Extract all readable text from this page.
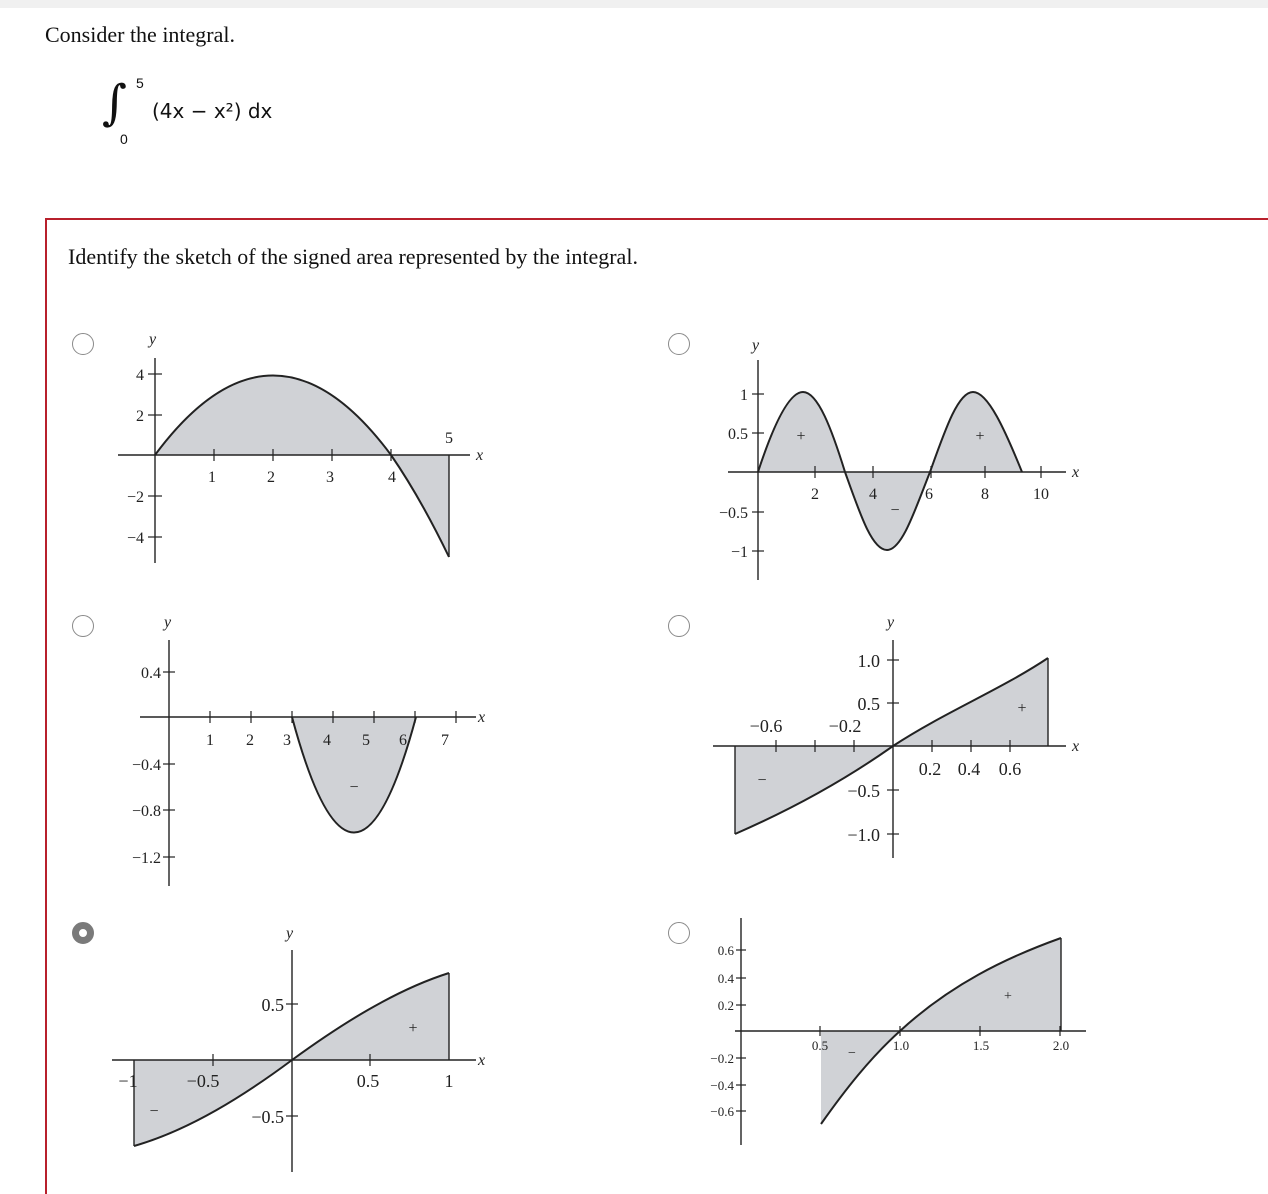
Consider the integral.
∫ 5
0
(4x − x²) dx
Identify the sketch of the signed area represented by the integral.
y
x
4
2
−2
−4
1	2	3	4
5
y
x
1
0.5
−0.5
−1
2	4	6	8	10
+	+
−
y
x
0.4
−0.4
−0.8
−1.2
1 2 3 4 5 6 7
−
y
x
1.0
0.5
−0.5
−1.0
−0.6	−0.2
0.2 0.4 0.6
+
−
y
x
0.5
−0.5
−1	−0.5	0.5	1
+
−
0.6
0.4
0.2
−0.2
−0.4
−0.6
0.5	1.0	1.5	2.0
+
−
